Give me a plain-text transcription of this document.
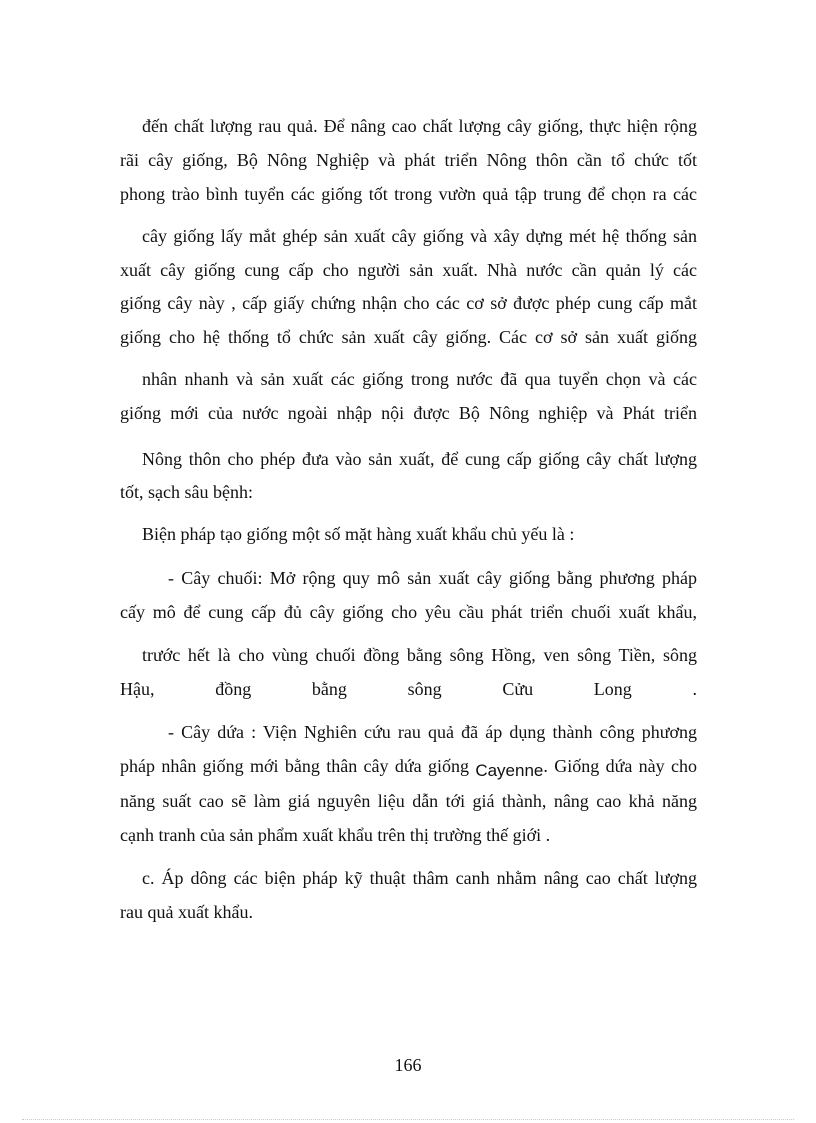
đến chất lượng rau quả. Để nâng cao chất lượng cây giống, thực hiện rộng
rãi cây giống, Bộ Nông Nghiệp và phát triển Nông thôn cần tổ chức tốt
phong trào bình tuyển các giống tốt trong vườn quả tập trung để chọn ra các
cây giống lấy mắt ghép sản xuất cây giống và xây dựng mét hệ thống sản
xuất cây giống cung cấp cho người sản xuất. Nhà nước cần quản lý các
giống cây này , cấp giấy chứng nhận cho các cơ sở được phép cung cấp mắt
giống cho hệ thống tổ chức sản xuất cây giống. Các cơ sở sản xuất giống
nhân nhanh và sản xuất các giống trong nước đã qua tuyển chọn và các
giống mới của nước ngoài nhập nội được Bộ Nông nghiệp và Phát triển
Nông thôn cho phép đưa vào sản xuất, để cung cấp giống cây chất lượng
tốt, sạch sâu bệnh:
Biện pháp tạo giống một số mặt hàng xuất khẩu chủ yếu là :
- Cây chuối: Mở rộng quy mô sản xuất cây giống bằng phương pháp
cấy mô để cung cấp đủ cây giống cho yêu cầu phát triển chuối xuất khẩu,
trước hết là cho vùng chuối đồng bằng sông Hồng, ven sông Tiền, sông
Hậu,	đồng	bằng	sông	Cửu	Long	.
- Cây dứa : Viện Nghiên cứu rau quả đã áp dụng thành công phương
pháp nhân giống mới bằng thân cây dứa giống Cayenne. Giống dứa này cho
năng suất cao sẽ làm giá nguyên liệu dẫn tới giá thành, nâng cao khả năng
cạnh tranh của sản phẩm xuất khẩu trên thị trường thế giới .
c. Áp dông các biện pháp kỹ thuật thâm canh nhằm nâng cao chất lượng
rau quả xuất khẩu.
166
